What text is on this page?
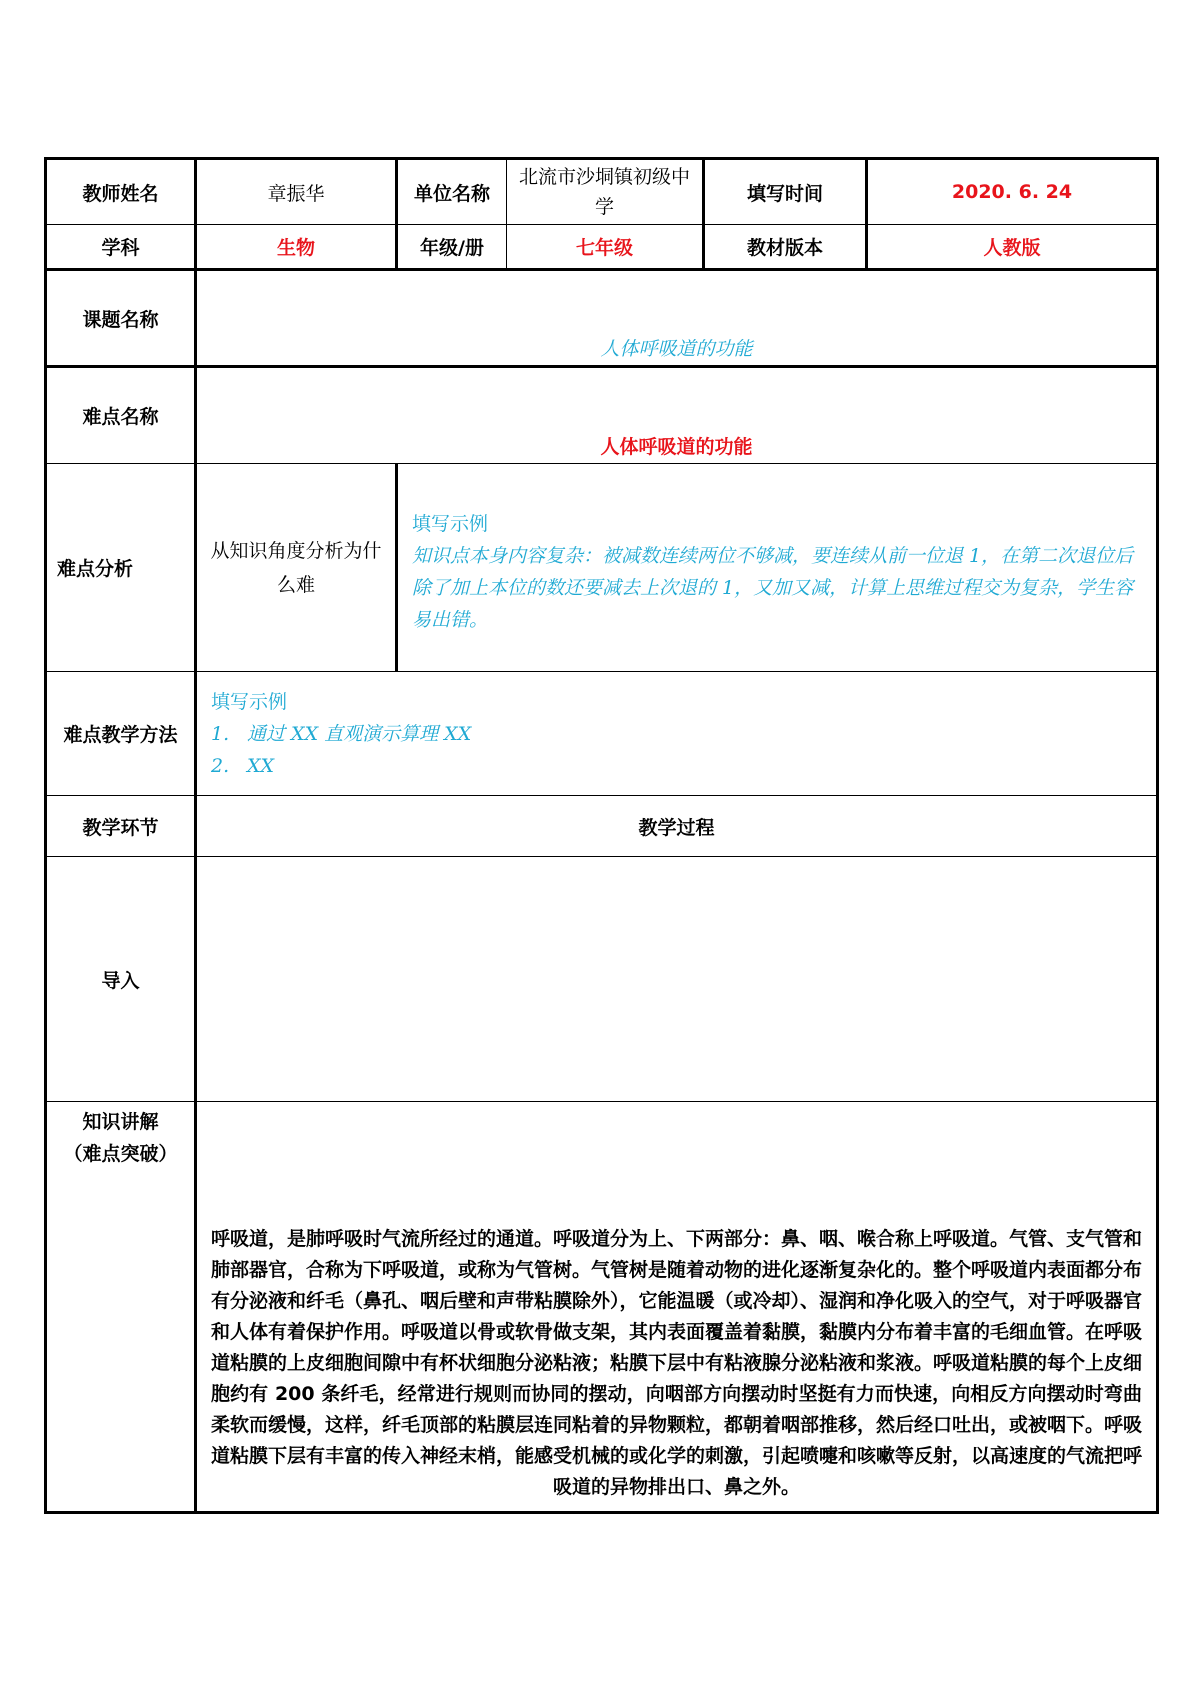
教师姓名	章振华	单位名称	北流市沙垌镇初级中学	填写时间	2020. 6. 24
学科	生物	年级/册	七年级	教材版本	人教版
课题名称	人体呼吸道的功能				
难点名称	人体呼吸道的功能				
难点分析	从知识角度分析为什么难	填写示例
知识点本身内容复杂：被减数连续两位不够减，要连续从前一位退 1，在第二次退位后除了加上本位的数还要减去上次退的 1，又加又减，计算上思维过程交为复杂，学生容易出错。			

难点教学方法	填写示例
1. 通过 XX 直观演示算理 XX
2. XX				

教学环节	教学过程				
导入					

知识讲解
（难点突破）	呼吸道，是肺呼吸时气流所经过的通道。呼吸道分为上、下两部分：鼻、咽、喉合称上呼吸道。气管、支气管和肺部器官，合称为下呼吸道，或称为气管树。气管树是随着动物的进化逐渐复杂化的。整个呼吸道内表面都分布有分泌液和纤毛（鼻孔、咽后壁和声带粘膜除外），它能温暖（或冷却）、湿润和净化吸入的空气，对于呼吸器官和人体有着保护作用。呼吸道以骨或软骨做支架，其内表面覆盖着黏膜，黏膜内分布着丰富的毛细血管。在呼吸道粘膜的上皮细胞间隙中有杯状细胞分泌粘液；粘膜下层中有粘液腺分泌粘液和浆液。呼吸道粘膜的每个上皮细胞约有 200 条纤毛，经常进行规则而协同的摆动，向咽部方向摆动时坚挺有力而快速，向相反方向摆动时弯曲柔软而缓慢，这样，纤毛顶部的粘膜层连同粘着的异物颗粒，都朝着咽部推移，然后经口吐出，或被咽下。呼吸道粘膜下层有丰富的传入神经末梢，能感受机械的或化学的刺激，引起喷嚏和咳嗽等反射，以高速度的气流把呼吸道的异物排出口、鼻之外。				
